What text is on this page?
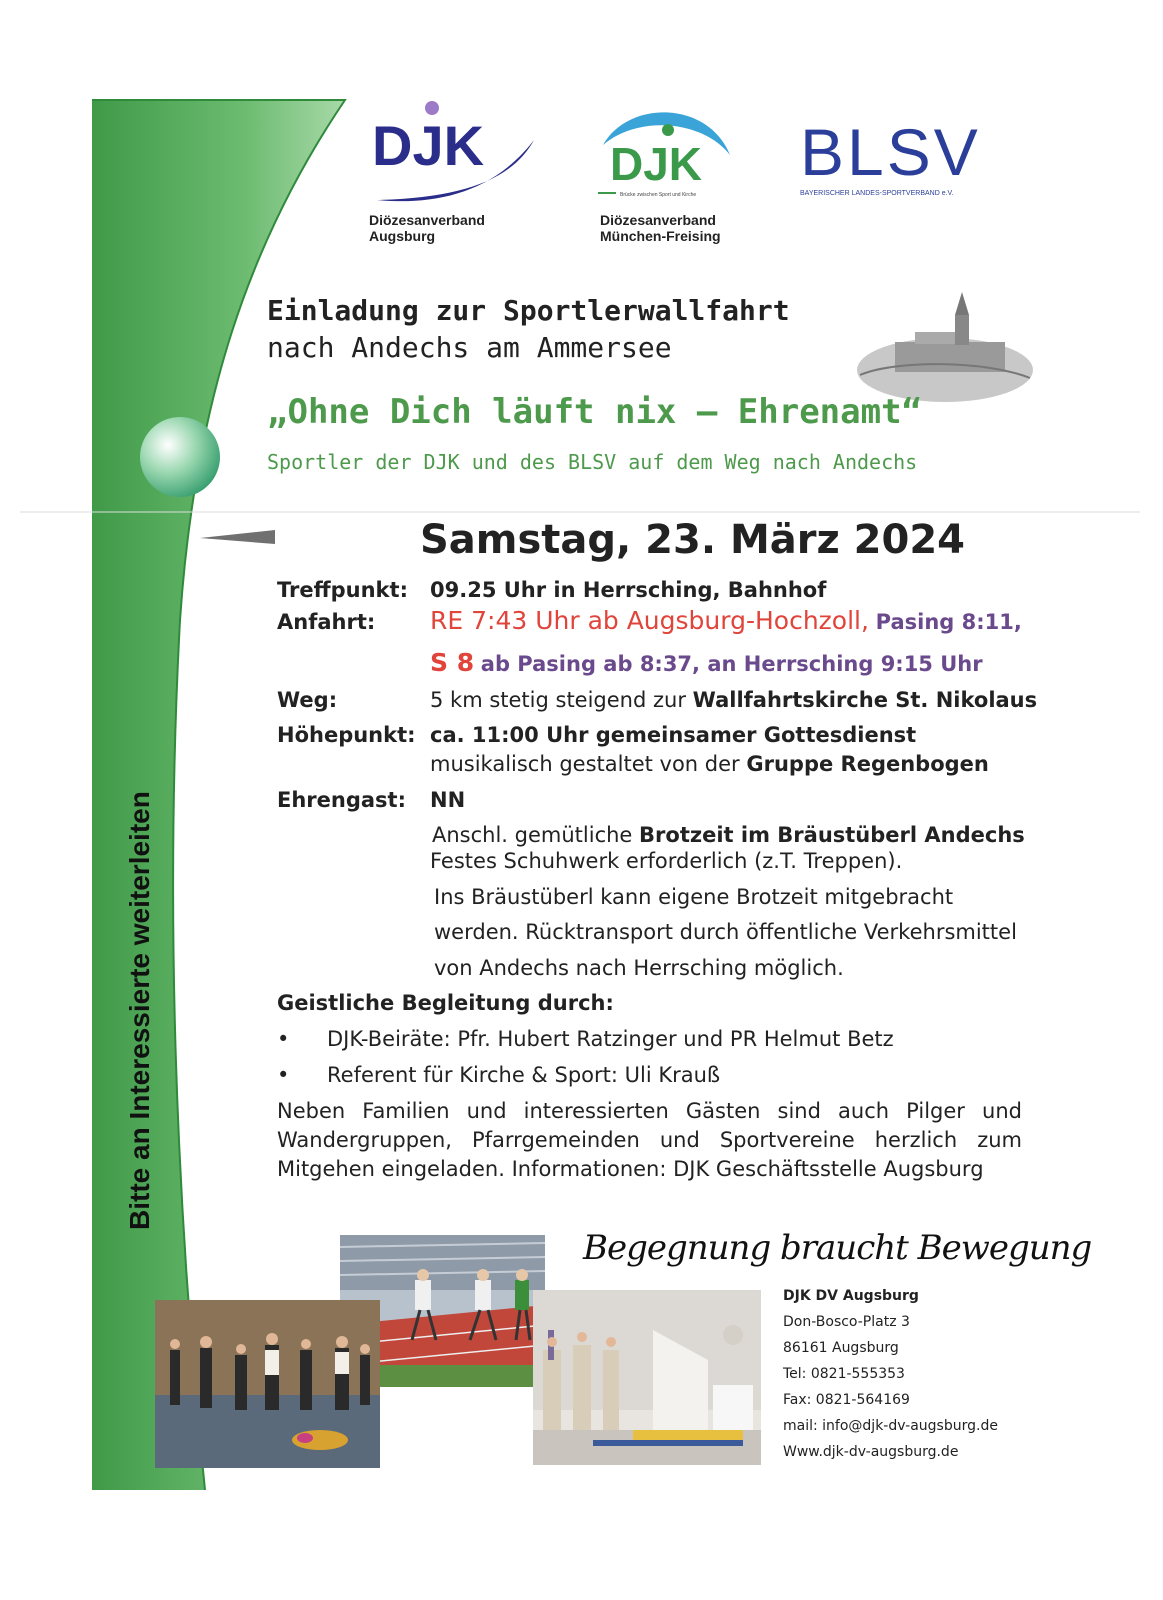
DJK
Diözesanverband
Augsburg
DJK
Brücke zwischen Sport und Kirche
Diözesanverband
München-Freising
BLSV
BAYERISCHER LANDES-SPORTVERBAND e.V.
Einladung zur Sportlerwallfahrt
nach Andechs am Ammersee
„Ohne Dich läuft nix – Ehrenamt“
Sportler der DJK und des BLSV auf dem Weg nach Andechs
Samstag, 23. März 2024
Treffpunkt: 09.25 Uhr in Herrsching, Bahnhof
Anfahrt: RE 7:43 Uhr ab Augsburg-Hochzoll, Pasing 8:11,
S 8 ab Pasing ab 8:37, an Herrsching 9:15 Uhr
Weg:	5 km stetig steigend zur Wallfahrtskirche St. Nikolaus
Höhepunkt: ca. 11:00 Uhr gemeinsamer Gottesdienst
musikalisch gestaltet von der Gruppe Regenbogen
Ehrengast: NN
Anschl. gemütliche Brotzeit im Bräustüberl Andechs
Festes Schuhwerk erforderlich (z.T. Treppen).
Ins Bräustüberl kann eigene Brotzeit mitgebracht
werden. Rücktransport durch öffentliche Verkehrsmittel
von Andechs nach Herrsching möglich.
Geistliche Begleitung durch:
• DJK-Beiräte: Pfr. Hubert Ratzinger und PR Helmut Betz
• Referent für Kirche & Sport: Uli Krauß
Neben Familien und interessierten Gästen sind auch Pilger und Wandergruppen, Pfarrgemeinden und Sportvereine herzlich zum Mitgehen eingeladen. Informationen: DJK Geschäftsstelle Augsburg
Bitte an Interessierte weiterleiten
Begegnung braucht Bewegung
DJK DV Augsburg
Don-Bosco-Platz 3
86161 Augsburg
Tel: 0821-555353
Fax: 0821-564169
mail: info@djk-dv-augsburg.de
Www.djk-dv-augsburg.de
